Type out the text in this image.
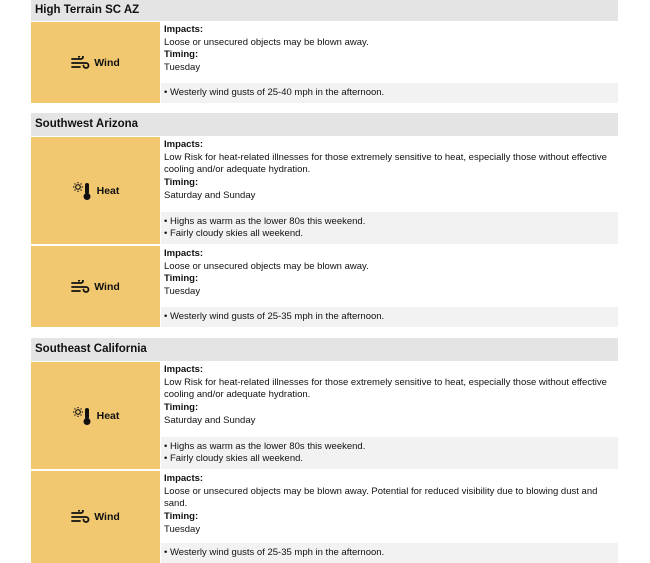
High Terrain SC AZ
Wind
Impacts:
Loose or unsecured objects may be blown away.
Timing:
Tuesday
• Westerly wind gusts of 25-40 mph in the afternoon.
Southwest Arizona
Heat
Impacts:
Low Risk for heat-related illnesses for those extremely sensitive to heat, especially those without effective cooling and/or adequate hydration.
Timing:
Saturday and Sunday
• Highs as warm as the lower 80s this weekend.
• Fairly cloudy skies all weekend.
Wind
Impacts:
Loose or unsecured objects may be blown away.
Timing:
Tuesday
• Westerly wind gusts of 25-35 mph in the afternoon.
Southeast California
Heat
Impacts:
Low Risk for heat-related illnesses for those extremely sensitive to heat, especially those without effective cooling and/or adequate hydration.
Timing:
Saturday and Sunday
• Highs as warm as the lower 80s this weekend.
• Fairly cloudy skies all weekend.
Wind
Impacts:
Loose or unsecured objects may be blown away. Potential for reduced visibility due to blowing dust and sand.
Timing:
Tuesday
• Westerly wind gusts of 25-35 mph in the afternoon.
